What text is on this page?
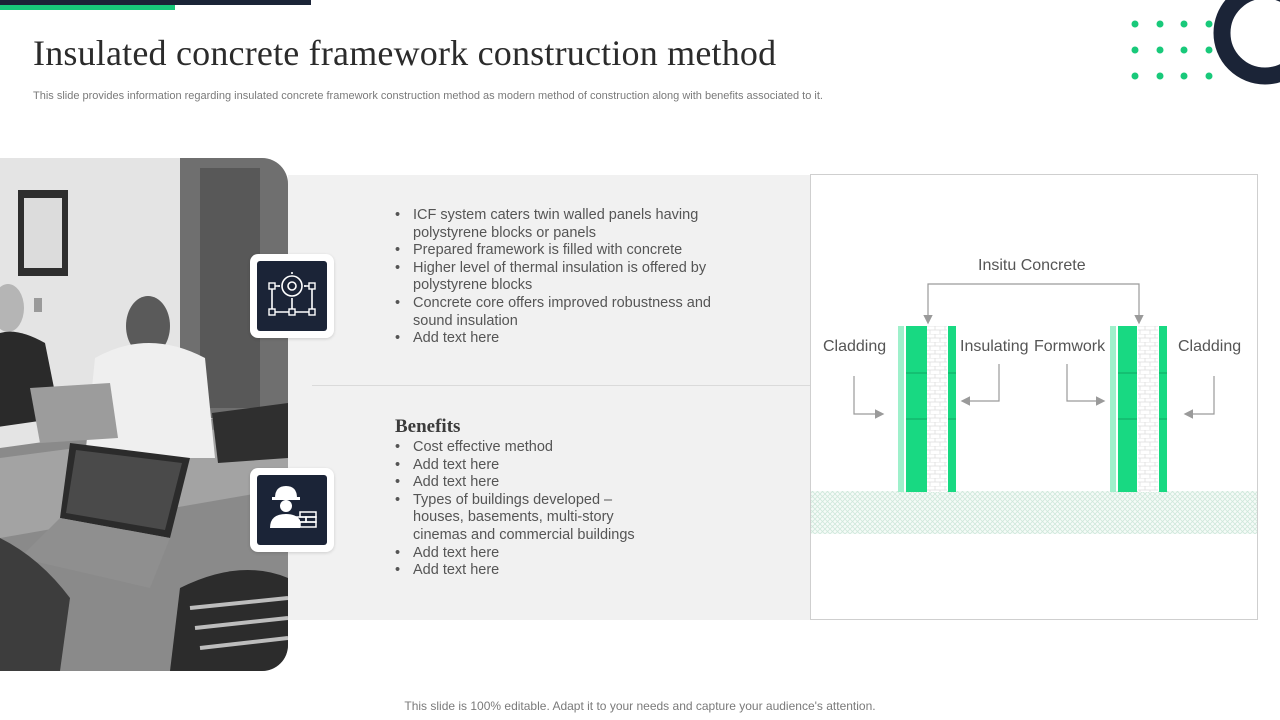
Insulated concrete framework construction method

This slide provides information regarding insulated concrete framework construction method as modern method of construction along with benefits associated to it.

• ICF system caters twin walled panels having polystyrene blocks or panels
• Prepared framework is filled with concrete
• Higher level of thermal insulation is offered by polystyrene blocks
• Concrete core offers improved robustness and sound insulation
• Add text here
Benefits
• Cost effective method
• Add text here
• Add text here
• Types of buildings developed – houses, basements, multi-story cinemas and commercial buildings
• Add text here
• Add text here
Insitu Concrete
Cladding	Insulating Formwork	Cladding

This slide is 100% editable. Adapt it to your needs and capture your audience's attention.
